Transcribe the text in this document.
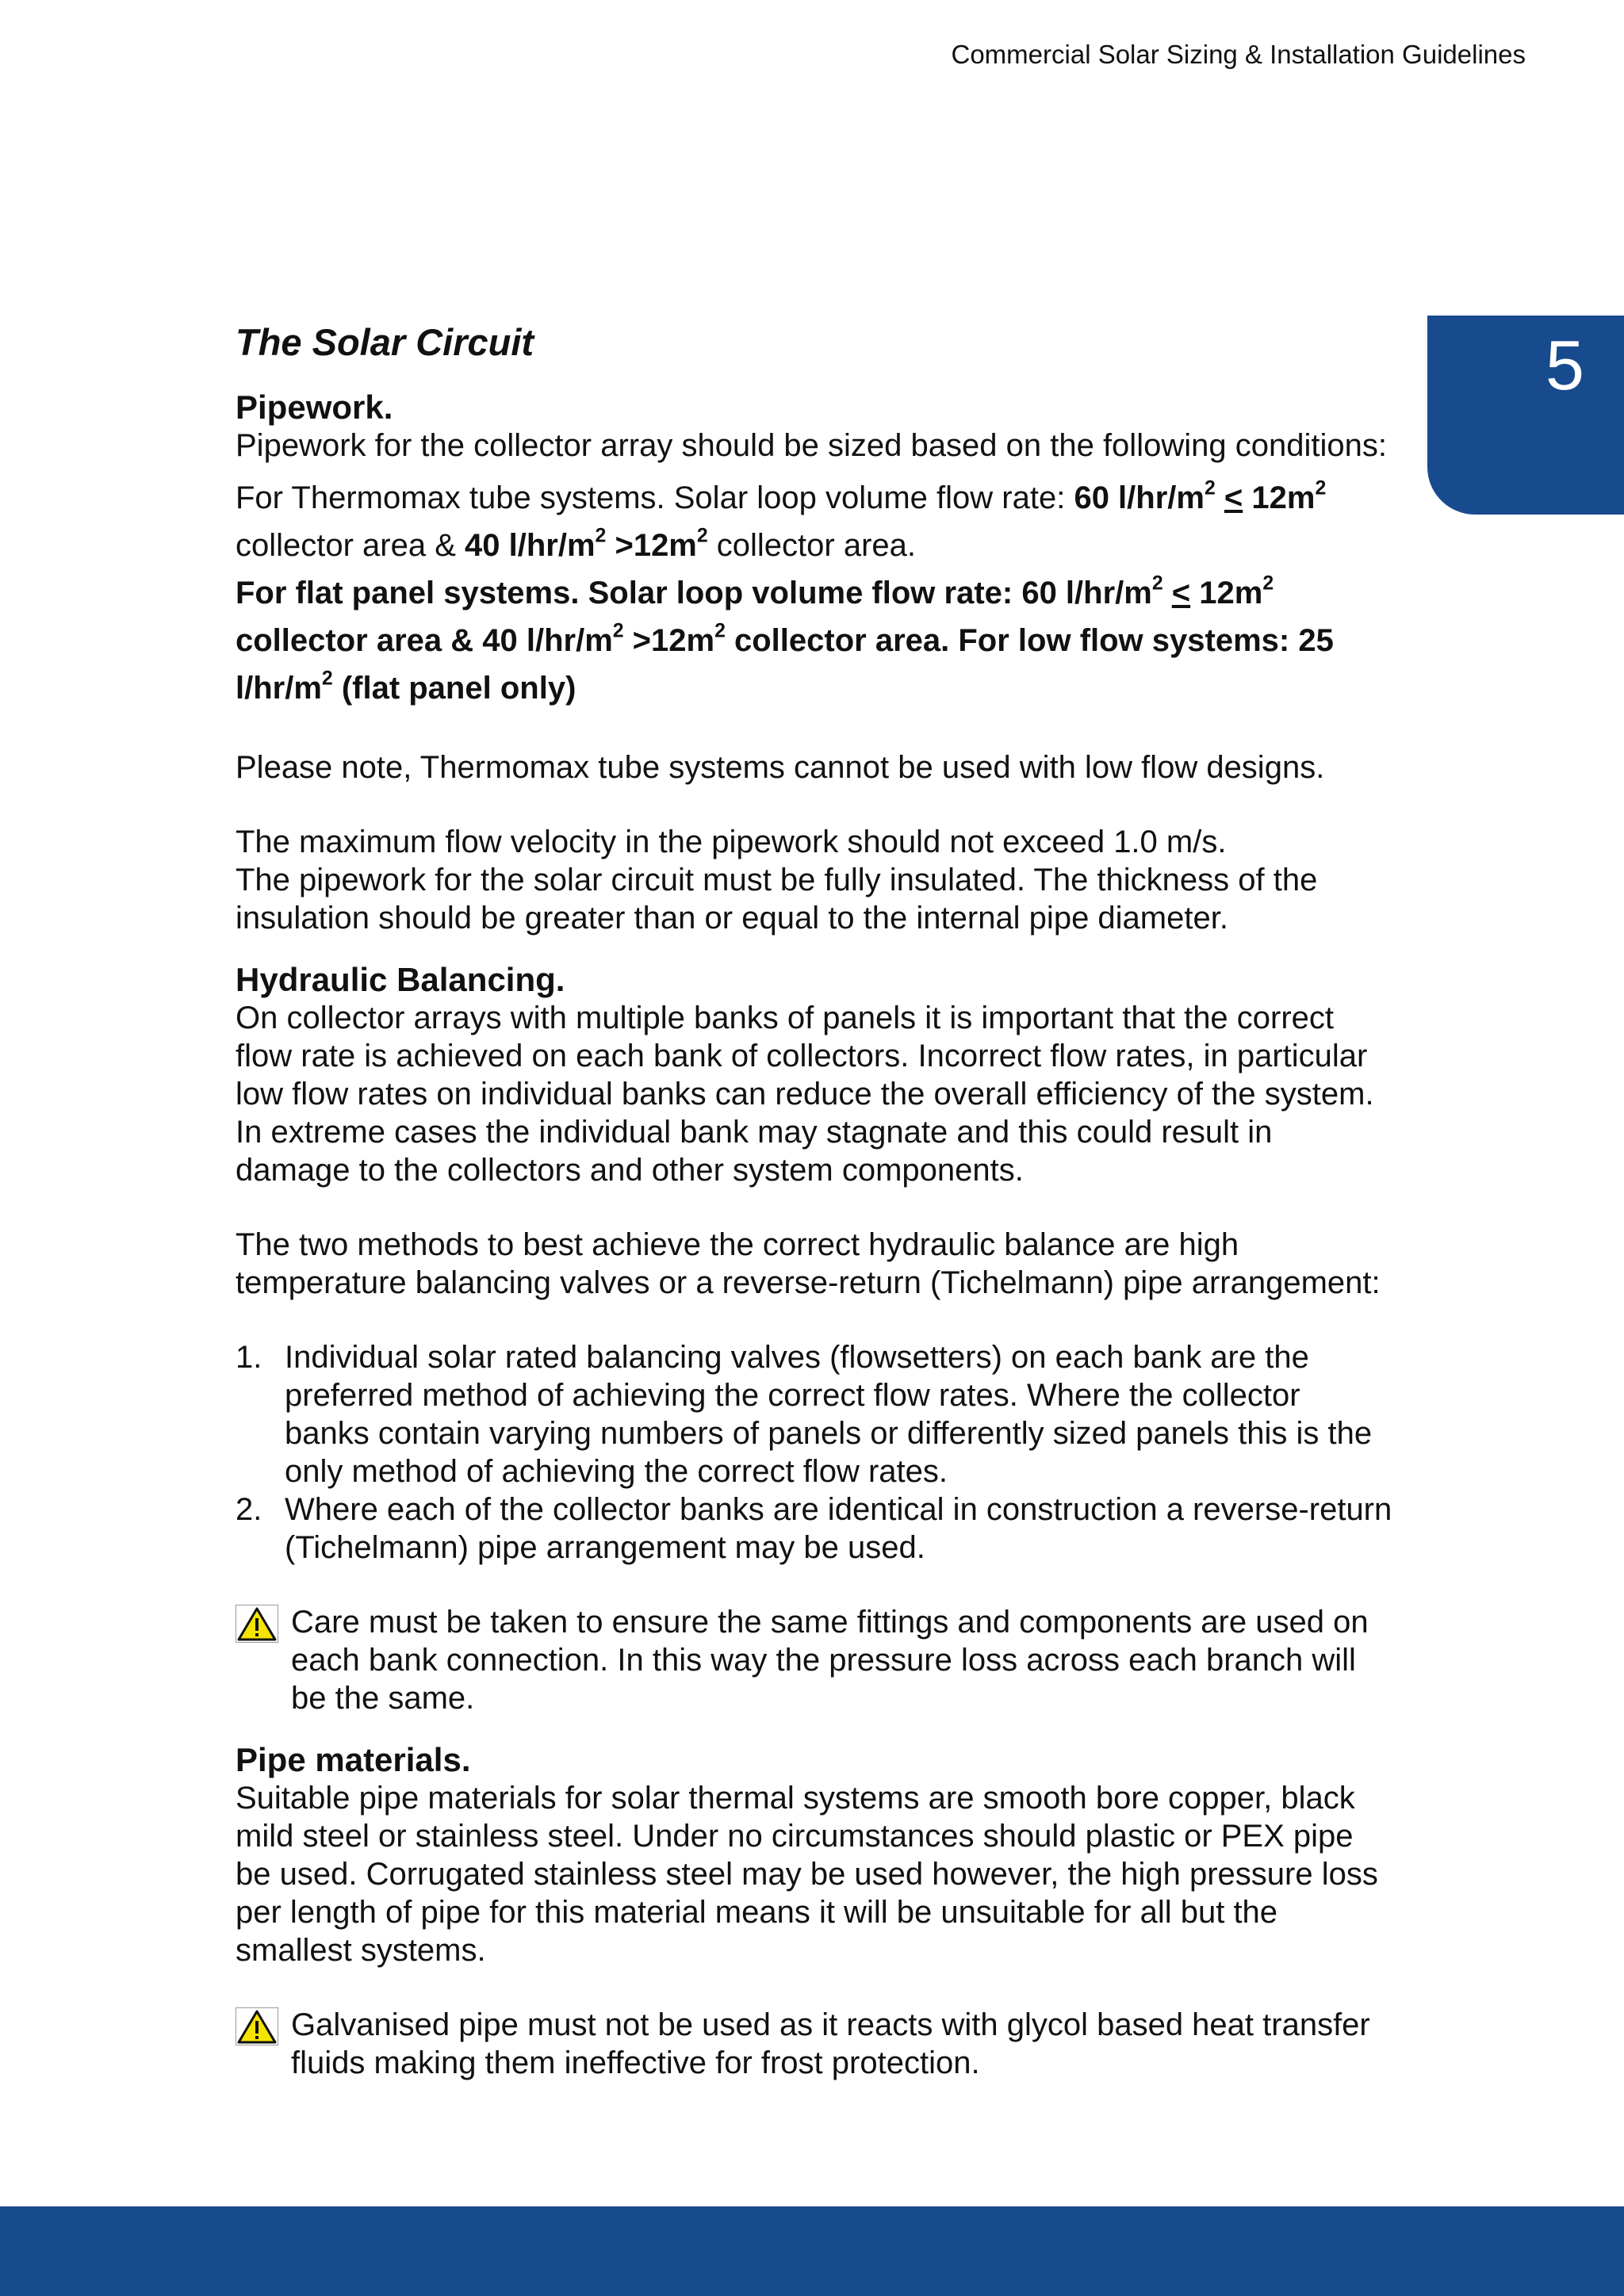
Commercial Solar Sizing & Installation Guidelines
5

The Solar Circuit

Pipework.

Pipework for the collector array should be sized based on the following conditions:

For Thermomax tube systems. Solar loop volume flow rate: 60 $l/hr/m^2 < 12m^2$ collector area & 40 $l/hr/m^2 >12m^2$ collector area.

For flat panel systems. Solar loop volume flow rate: 60 $l/hr/m^2 < 12m^2$ collector area & 40 $l/hr/m^2 >12m^2$ collector area. For low flow systems: 25 $l/hr/m^2$ (flat panel only)

Please note, Thermomax tube systems cannot be used with low flow designs.

The maximum flow velocity in the pipework should not exceed 1.0 m/s.

The pipework for the solar circuit must be fully insulated. The thickness of the insulation should be greater than or equal to the internal pipe diameter.

Hydraulic Balancing.

On collector arrays with multiple banks of panels it is important that the correct flow rate is achieved on each bank of collectors. Incorrect flow rates, in particular low flow rates on individual banks can reduce the overall efficiency of the system. In extreme cases the individual bank may stagnate and this could result in damage to the collectors and other system components.

The two methods to best achieve the correct hydraulic balance are high temperature balancing valves or a reverse-return (Tichelmann) pipe arrangement:

1. Individual solar rated balancing valves (flowsetters) on each bank are the preferred method of achieving the correct flow rates. Where the collector banks contain varying numbers of panels or differently sized panels this is the only method of achieving the correct flow rates.
2. Where each of the collector banks are identical in construction a reverse-return (Tichelmann) pipe arrangement may be used.
Care must be taken to ensure the same fittings and components are used on each bank connection. In this way the pressure loss across each branch will be the same.

Pipe materials.

Suitable pipe materials for solar thermal systems are smooth bore copper, black mild steel or stainless steel. Under no circumstances should plastic or PEX pipe be used. Corrugated stainless steel may be used however, the high pressure loss per length of pipe for this material means it will be unsuitable for all but the smallest systems.

Galvanised pipe must not be used as it reacts with glycol based heat transfer fluids making them ineffective for frost protection.
